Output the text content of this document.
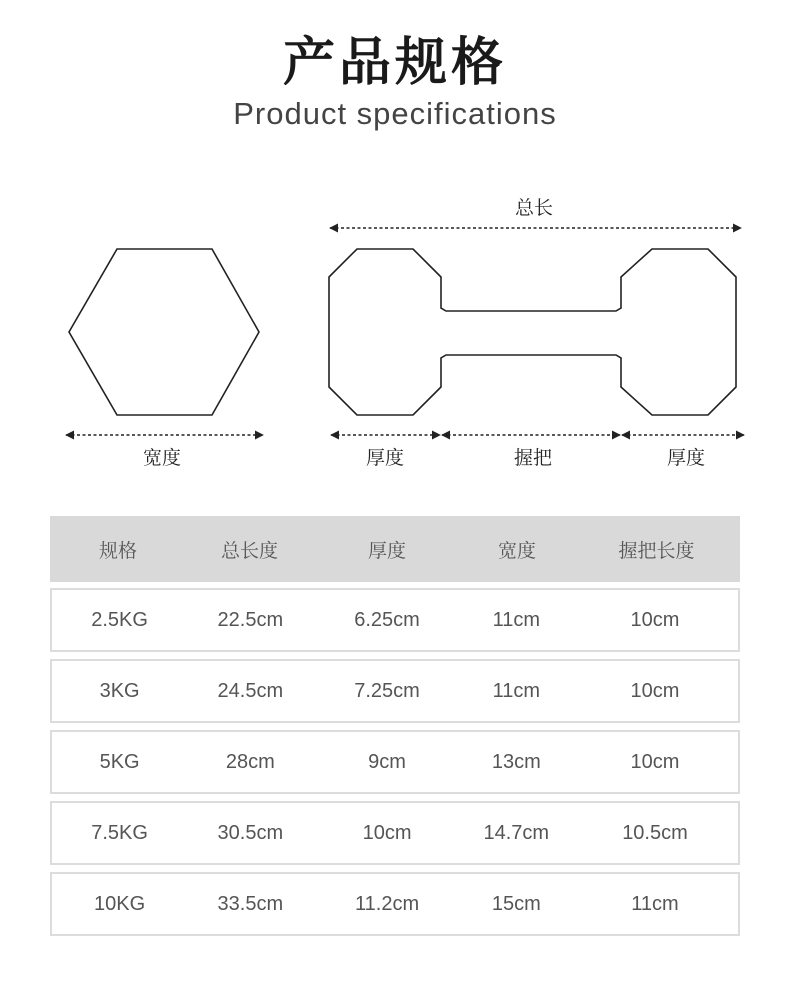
产品规格
Product specifications
总长
宽度	厚度	握把	厚度
规格	总长度	厚度	宽度	握把长度
2.5KG	22.5cm	6.25cm	11cm	10cm
3KG	24.5cm	7.25cm	11cm	10cm
5KG	28cm	9cm	13cm	10cm
7.5KG	30.5cm	10cm	14.7cm	10.5cm
10KG	33.5cm	11.2cm	15cm	11cm
